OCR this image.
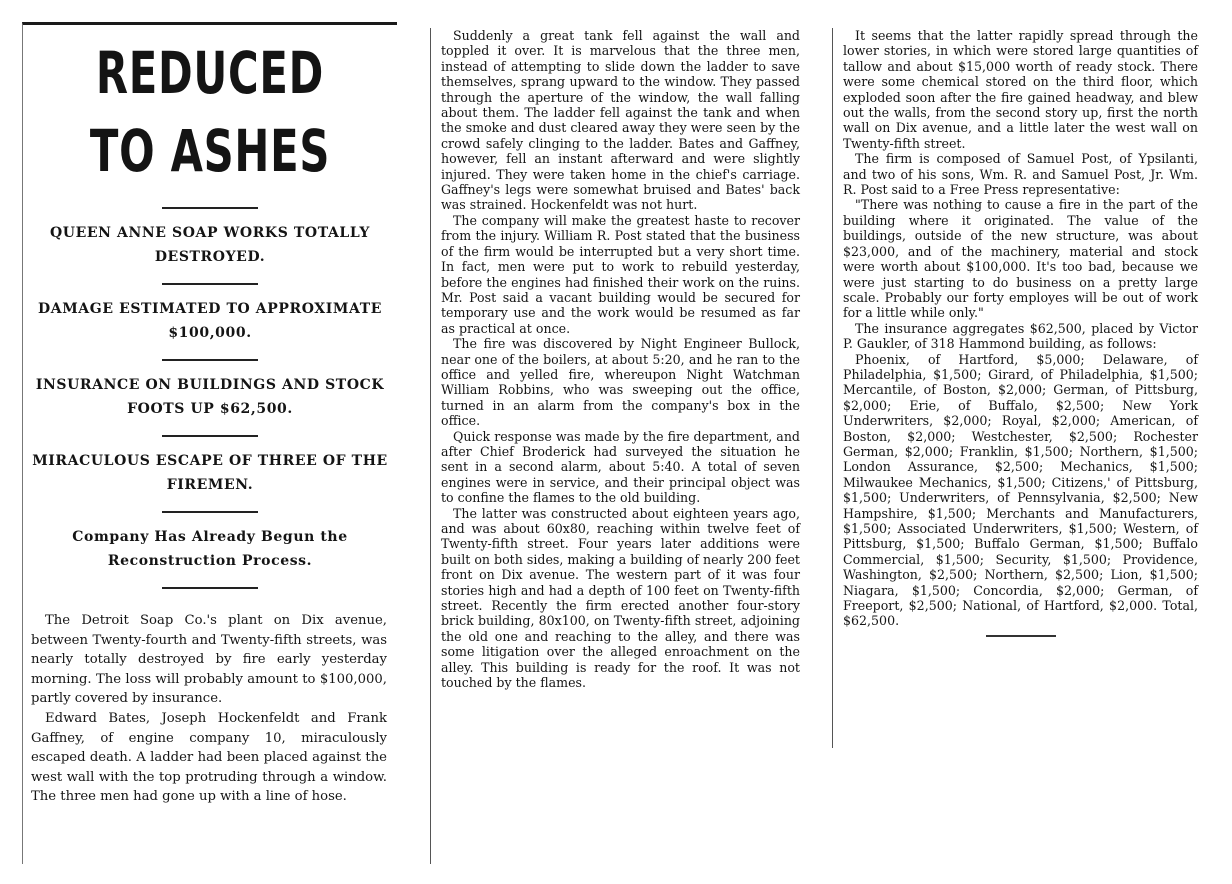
REDUCED
TO ASHES
QUEEN ANNE SOAP WORKS TOTALLY DESTROYED.
DAMAGE ESTIMATED TO APPROXIMATE $100,000.
INSURANCE ON BUILDINGS AND STOCK FOOTS UP $62,500.
MIRACULOUS ESCAPE OF THREE OF THE FIREMEN.
Company Has Already Begun the Reconstruction Process.

The Detroit Soap Co.'s plant on Dix avenue, between Twenty-fourth and Twenty-fifth streets, was nearly totally destroyed by fire early yesterday morning. The loss will probably amount to $100,000, partly covered by insurance.

Edward Bates, Joseph Hockenfeldt and Frank Gaffney, of engine company 10, miraculously escaped death. A ladder had been placed against the west wall with the top protruding through a window. The three men had gone up with a line of hose.

Suddenly a great tank fell against the wall and toppled it over. It is marvelous that the three men, instead of attempting to slide down the ladder to save themselves, sprang upward to the window. They passed through the aperture of the window, the wall falling about them. The ladder fell against the tank and when the smoke and dust cleared away they were seen by the crowd safely clinging to the ladder. Bates and Gaffney, however, fell an instant afterward and were slightly injured. They were taken home in the chief's carriage. Gaffney's legs were somewhat bruised and Bates' back was strained. Hockenfeldt was not hurt.

The company will make the greatest haste to recover from the injury. William R. Post stated that the business of the firm would be interrupted but a very short time. In fact, men were put to work to rebuild yesterday, before the engines had finished their work on the ruins. Mr. Post said a vacant building would be secured for temporary use and the work would be resumed as far as practical at once.

The fire was discovered by Night Engineer Bullock, near one of the boilers, at about 5:20, and he ran to the office and yelled fire, whereupon Night Watchman William Robbins, who was sweeping out the office, turned in an alarm from the company's box in the office.

Quick response was made by the fire department, and after Chief Broderick had surveyed the situation he sent in a second alarm, about 5:40. A total of seven engines were in service, and their principal object was to confine the flames to the old building.

The latter was constructed about eighteen years ago, and was about 60x80, reaching within twelve feet of Twenty-fifth street. Four years later additions were built on both sides, making a building of nearly 200 feet front on Dix avenue. The western part of it was four stories high and had a depth of 100 feet on Twenty-fifth street. Recently the firm erected another four-story brick building, 80x100, on Twenty-fifth street, adjoining the old one and reaching to the alley, and there was some litigation over the alleged enroachment on the alley. This building is ready for the roof. It was not touched by the flames.

It seems that the latter rapidly spread through the lower stories, in which were stored large quantities of tallow and about $15,000 worth of ready stock. There were some chemical stored on the third floor, which exploded soon after the fire gained headway, and blew out the walls, from the second story up, first the north wall on Dix avenue, and a little later the west wall on Twenty-fifth street.

The firm is composed of Samuel Post, of Ypsilanti, and two of his sons, Wm. R. and Samuel Post, Jr. Wm. R. Post said to a Free Press representative:

"There was nothing to cause a fire in the part of the building where it originated. The value of the buildings, outside of the new structure, was about $23,000, and of the machinery, material and stock were worth about $100,000. It's too bad, because we were just starting to do business on a pretty large scale. Probably our forty employes will be out of work for a little while only."

The insurance aggregates $62,500, placed by Victor P. Gaukler, of 318 Hammond building, as follows:

Phoenix, of Hartford, $5,000; Delaware, of Philadelphia, $1,500; Girard, of Philadelphia, $1,500; Mercantile, of Boston, $2,000; German, of Pittsburg, $2,000; Erie, of Buffalo, $2,500; New York Underwriters, $2,000; Royal, $2,000; American, of Boston, $2,000; Westchester, $2,500; Rochester German, $2,000; Franklin, $1,500; Northern, $1,500; London Assurance, $2,500; Mechanics, $1,500; Milwaukee Mechanics, $1,500; Citizens,' of Pittsburg, $1,500; Underwriters, of Pennsylvania, $2,500; New Hampshire, $1,500; Merchants and Manufacturers, $1,500; Associated Underwriters, $1,500; Western, of Pittsburg, $1,500; Buffalo German, $1,500; Buffalo Commercial, $1,500; Security, $1,500; Providence, Washington, $2,500; Northern, $2,500; Lion, $1,500; Niagara, $1,500; Concordia, $2,000; German, of Freeport, $2,500; National, of Hartford, $2,000. Total, $62,500.
